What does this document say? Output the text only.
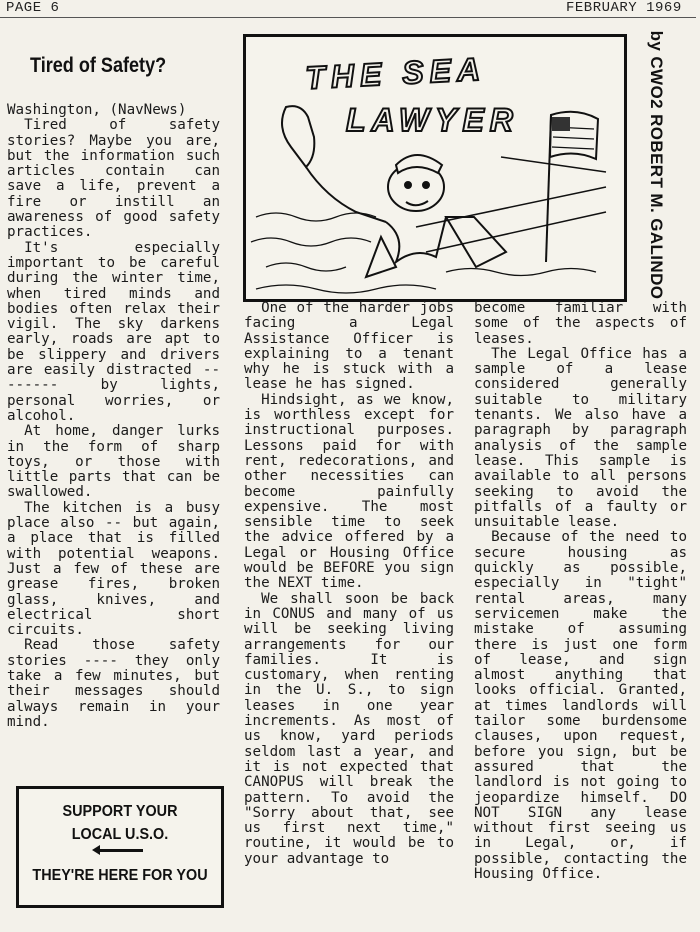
PAGE 6	FEBRUARY 1969
Tired of Safety?

Washington, (NavNews)

Tired of safety stories? Maybe you are, but the information such articles contain can save a life, prevent a fire or instill an awareness of good safety practices.

It's especially important to be careful during the winter time, when tired minds and bodies often relax their vigil. The sky darkens early, roads are apt to be slippery and drivers are easily distracted -------- by lights, personal worries, or alcohol.

At home, danger lurks in the form of sharp toys, or those with little parts that can be swallowed.

The kitchen is a busy place also -- but again, a place that is filled with potential weapons. Just a few of these are grease fires, broken glass, knives, and electrical short circuits.

Read those safety stories ---- they only take a few minutes, but their messages should always remain in your mind.

SUPPORT YOUR
LOCAL U.S.O.
THEY'RE HERE FOR YOU
THE SEA
LAWYER	by CWO2 ROBERT M. GALINDO

One of the harder jobs facing a Legal Assistance Officer is explaining to a tenant why he is stuck with a lease he has signed.

Hindsight, as we know, is worthless except for instructional purposes. Lessons paid for with rent, redecorations, and other necessities can become painfully expensive. The most sensible time to seek the advice offered by a Legal or Housing Office would be BEFORE you sign the NEXT time.

We shall soon be back in CONUS and many of us will be seeking living arrangements for our families. It is customary, when renting in the U. S., to sign leases in one year increments. As most of us know, yard periods seldom last a year, and it is not expected that CANOPUS will break the pattern. To avoid the "Sorry about that, see us first next time," routine, it would be to your advantage to

become familiar with some of the aspects of leases.

The Legal Office has a sample of a lease considered generally suitable to military tenants. We also have a paragraph by paragraph analysis of the sample lease. This sample is available to all persons seeking to avoid the pitfalls of a faulty or unsuitable lease.

Because of the need to secure housing as quickly as possible, especially in "tight" rental areas, many servicemen make the mistake of assuming there is just one form of lease, and sign almost anything that looks official. Granted, at times landlords will tailor some burdensome clauses, upon request, before you sign, but be assured that the landlord is not going to jeopardize himself. DO NOT SIGN any lease without first seeing us in Legal, or, if possible, contacting the Housing Office.
